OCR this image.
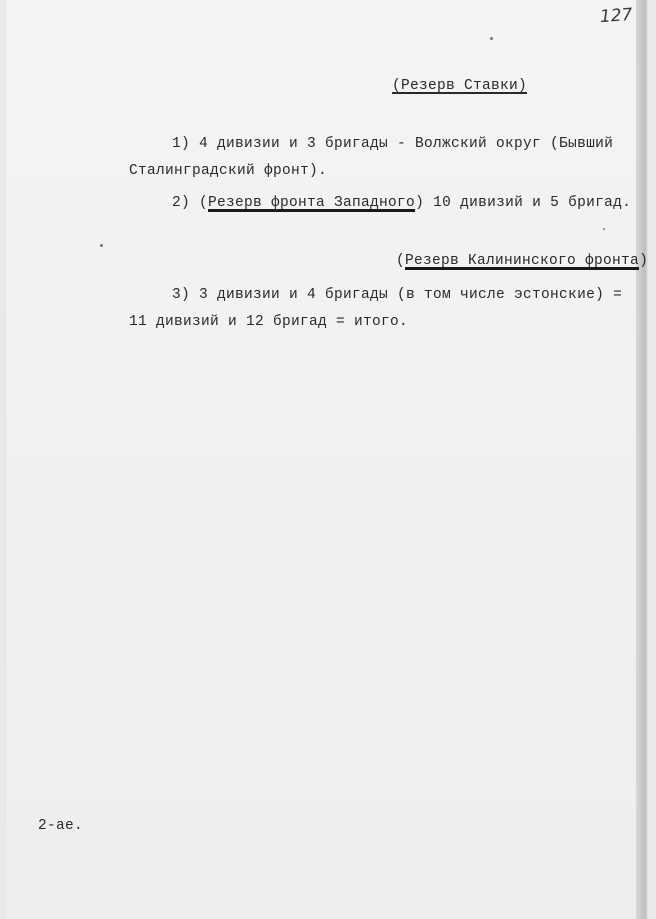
127
(Резерв Ставки)
1) 4 дивизии и 3 бригады - Волжский округ (Бывший
Сталинградский фронт).
2) (Резерв фронта Западного) 10 дивизий и 5 бригад.
(Резерв Калининского фронта)
3) 3 дивизии и 4 бригады (в том числе эстонские) =
11 дивизий и 12 бригад = итого.
2-ае.
